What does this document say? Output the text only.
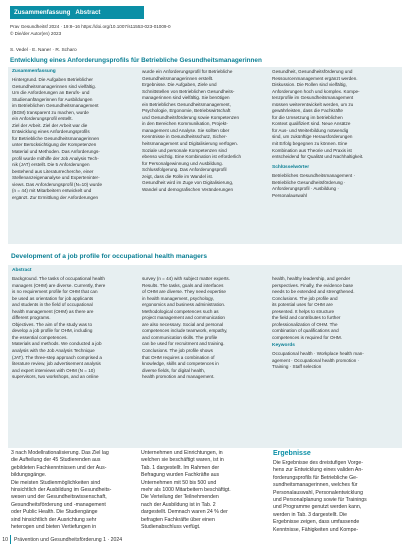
Zusammenfassung Abstract
Prav Gesundheitsf 2024 · 19:8–16 https://doi.org/10.1007/s11553-023-01009-0
© Die/der Autor(en) 2023
S. Vedel · E. Naner · R. Scharo
Entwicklung eines Anforderungsprofils für Betriebliche Gesundheitsmanagerinnen
Zusammenfassung

Hintergrund. Die Aufgaben Betrieblicher

Gesundheitsmanagerinnen sind vielfältig.

Um die Anforderungen an Berufs- und

Studienanfängerinnen für Ausbildungen

im Betrieblichen Gesundheitsmanagement

(BGM) transparent zu machen, wurde

ein Anforderungsprofil erstellt.

Ziel der Arbeit. Ziel der Arbeit war die

Entwicklung eines Anforderungsprofils

für Betriebliche Gesundheitsmanagerinnen

unter Berücksichtigung der Kompetenzen

Material und Methoden. Das Anforderungs-

profil wurde mithilfe der Job Analysis Tech-

nik (JAT) erstellt. Die 5 Anforderungen

bestehend aus Literaturrecherche, einer

Stellenanzeigenanalyse und Experteninter-

views. Das Anforderungsprofil (N=10) wurde

(n = 44) mit Mitarbeitern entwickelt und

ergänzt. Zur Ermittlung der Anforderungen

wurde ein Anforderungsprofil für Betriebliche

Gesundheitsmanagerinnen erstellt.

Ergebnisse. Die Aufgaben, Ziele und

Schnittstellen von Betrieblichen Gesundheits-

managerinnen sind vielfältig. Sie benötigen

ein Betriebliches Gesundheitsmanagement,

Psychologie, Ergonomie, Betriebswirtschaft

und Gesundheitsförderung sowie Kompetenzen

in den Bereichen Kommunikation, Projekt-

management und Analyse. Sie sollten über

Kenntnisse in Gesundheitsschutz, Sicher-

heitsmanagement und Digitalisierung verfügen.

Soziale und personale Kompetenzen sind

ebenso wichtig. Eine Kombination ist erforderlich

für Personalgewinnung und Ausbildung.

Schlussfolgerung. Das Anforderungsprofil

zeigt, dass die Rolle im Wandel ist.

Gesundheit wird im Zuge von Digitalisierung,

Wandel und demografischen Veränderungen

Gesundheit, Gesundheitsförderung und

Ressourcenmanagement ergänzt werden.

Diskussion. Die Rollen sind vielfältig,

Anforderungen hoch und komplex. Kompe-

tenzprofile im Gesundheitsmanagement

müssen weiterentwickelt werden, um zu

gewährleisten, dass die Fachkräfte

für die Umsetzung im betrieblichen

Kontext qualifiziert sind. Neue Ansätze

für Aus- und Weiterbildung notwendig

sind, um zukünftige Herausforderungen

mit Erfolg begegnen zu können. Eine

Kombination aus Theorie und Praxis ist

entscheidend für Qualität und Nachhaltigkeit.

Schlüsselwörter

Betriebliches Gesundheitsmanagement ·

Betriebliche Gesundheitsförderung ·

Anforderungsprofil · Ausbildung ·

Personalauswahl

Development of a job profile for occupational health managers
Abstract

Background. The tasks of occupational health

managers (OHM) are diverse. Currently, there

is no requirement profile for OHM that can

be used as orientation for job applicants

and students in the field of occupational

health management (OHM) as there are

different programs.

Objectives. The aim of the study was to

develop a job profile for OHM, including

the essential competences.

Materials and methods. We conducted a job

analysis with the Job Analysis Technique

(JAT). The three-step approach comprised a

literature review, job advertisement analysis

and expert interviews with OHM (N = 10)

supervisors, two workshops, and an online

survey (n = 44) with subject matter experts.

Results. The tasks, goals and interfaces

of OHM are diverse. They need expertise

in health management, psychology,

ergonomics and business administration.

Methodological competences such as

project management and communication

are also necessary. Social and personal

competences include teamwork, empathy,

and communication skills. The profile

can be used for recruitment and training.

Conclusions. The job profile shows

that OHM requires a combination of

knowledge, skills and competences in

diverse fields, for digital health,

health promotion and management.

health, healthy leadership, and gender

perspectives. Finally, the evidence base

needs to be extended and strengthened.

Conclusions. The job profile and

its potential uses for OHM are

presented. It helps to structure

the field and contributes to further

professionalization of OHM. The

combination of qualifications and

competences is required for OHM.

Keywords

Occupational health · Workplace health man-

agement · Occupational health promotion ·

Training · Staff selection

3 nach Modellrationalisierung. Das Ziel lag

die Aufteilung der 45 Studierenden aus

gebildeten Fachkenntnissen und der Aus-

bildungsgänge.

Die meisten Studienmöglichkeiten sind

hinsichtlich der Ausbildung im Gesundheits-

wesen und der Gesundheitswissenschaft,

Gesundheitsförderung und -management

oder Public Health. Die Studiengänge

sind hinsichtlich der Ausrichtung sehr

heterogen und bieten Vertiefungen in

Unternehmen und Einrichtungen, in

welchen sie beschäftigt waren, ist in

Tab. 1 dargestellt. Im Rahmen der

Befragung wurden Fachkräfte aus

Unternehmen mit 50 bis 500 und

mehr als 1000 Mitarbeitern beschäftigt.

Die Verteilung der Teilnehmenden

nach der Ausbildung ist in Tab. 2

dargestellt. Demnach waren 24 % der

befragten Fachkräfte über einen

Studienabschluss verfügt.

Ergebnisse

Die Ergebnisse des dreistufigen Vorge-

hens zur Entwicklung eines validen An-

forderungsprofils für Betriebliche Ge-

sundheitsmanagerinnen, welches für

Personalauswahl, Personalentwicklung

und Personalplanung sowie für Trainings

und Programme genutzt werden kann,

werden in Tab. 3 dargestellt. Die

Ergebnisse zeigen, dass umfassende

Kenntnisse, Fähigkeiten und Kompe-

10 Prävention und Gesundheitsförderung 1 · 2024
